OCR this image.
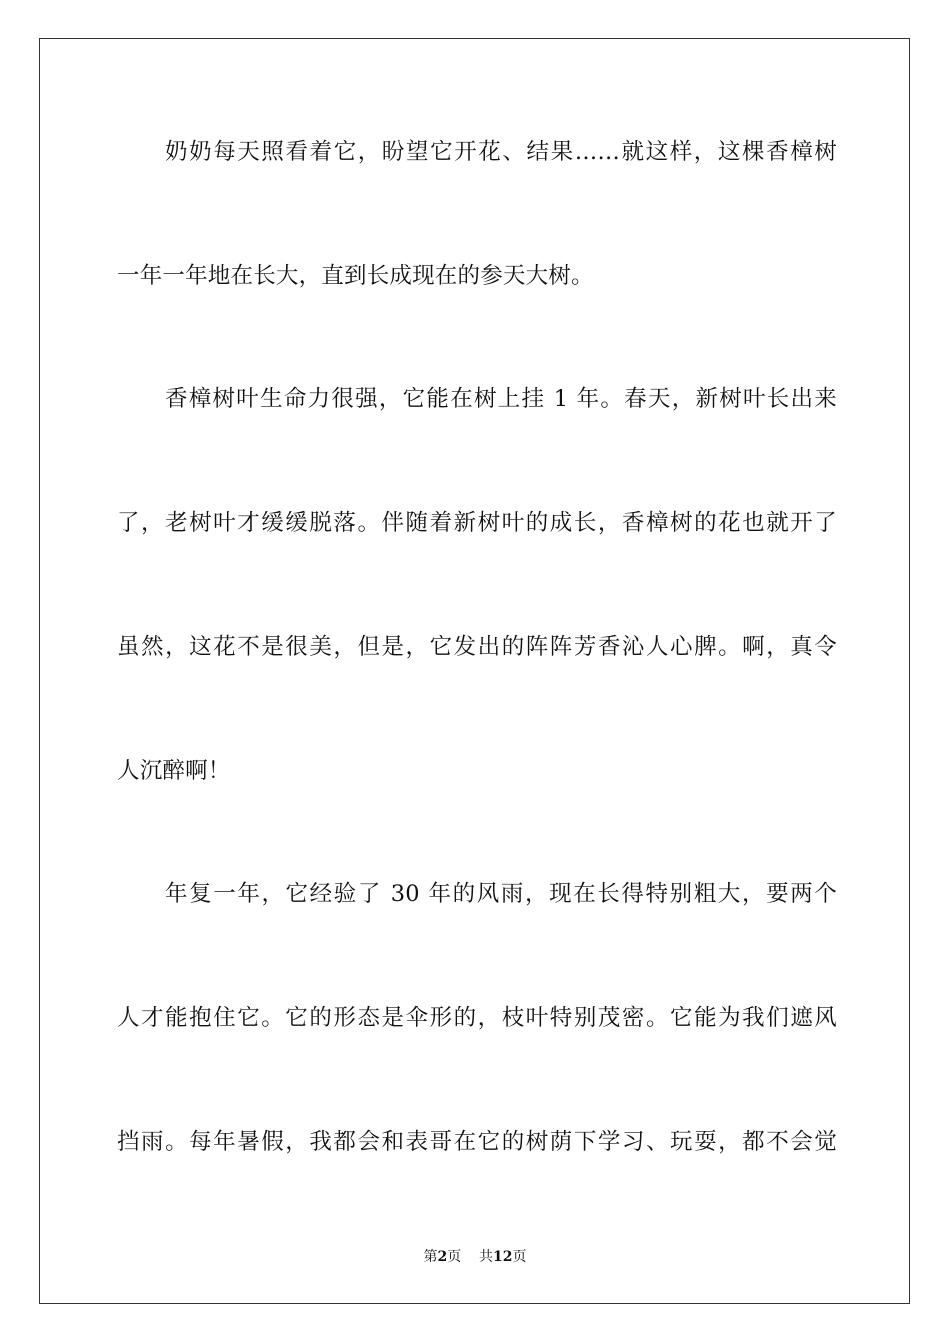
奶奶每天照看着它，盼望它开花、结果……就这样，这棵香樟树
一年一年地在长大，直到长成现在的参天大树。
香樟树叶生命力很强，它能在树上挂 1 年。春天，新树叶长出来
了，老树叶才缓缓脱落。伴随着新树叶的成长，香樟树的花也就开了
虽然，这花不是很美，但是，它发出的阵阵芳香沁人心脾。啊，真令
人沉醉啊！
年复一年，它经验了 30 年的风雨，现在长得特别粗大，要两个
人才能抱住它。它的形态是伞形的，枝叶特别茂密。它能为我们遮风
挡雨。每年暑假，我都会和表哥在它的树荫下学习、玩耍，都不会觉
第2页    共12页
